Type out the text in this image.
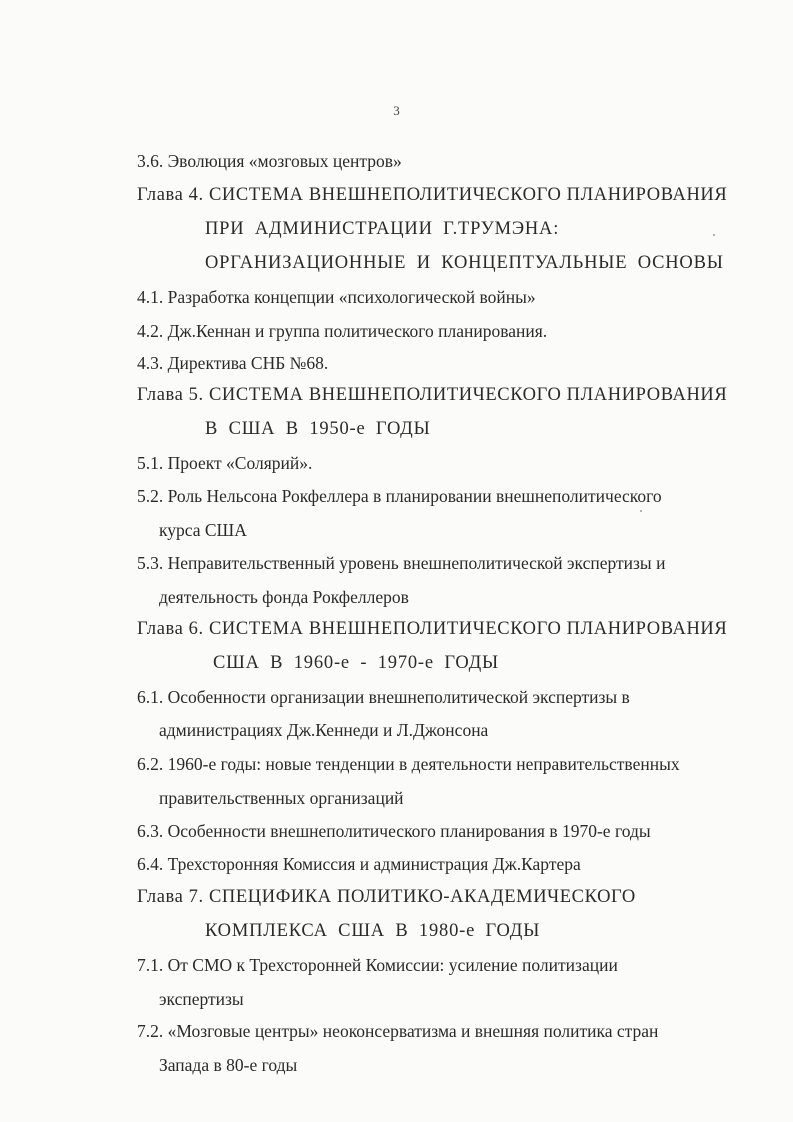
3
3.6. Эволюция «мозговых центров»
Глава 4. СИСТЕМА ВНЕШНЕПОЛИТИЧЕСКОГО ПЛАНИРОВАНИЯ
ПРИ АДМИНИСТРАЦИИ Г.ТРУМЭНА:
ОРГАНИЗАЦИОННЫЕ И КОНЦЕПТУАЛЬНЫЕ ОСНОВЫ
4.1. Разработка концепции «психологической войны»
4.2. Дж.Кеннан и группа политического планирования.
4.3. Директива СНБ №68.
Глава 5. СИСТЕМА ВНЕШНЕПОЛИТИЧЕСКОГО ПЛАНИРОВАНИЯ
В США В 1950-е ГОДЫ
5.1. Проект «Солярий».
5.2. Роль Нельсона Рокфеллера в планировании внешнеполитического
курса США
5.3. Неправительственный уровень внешнеполитической экспертизы и
деятельность фонда Рокфеллеров
Глава 6. СИСТЕМА ВНЕШНЕПОЛИТИЧЕСКОГО ПЛАНИРОВАНИЯ
США В 1960-е - 1970-е ГОДЫ
6.1. Особенности организации внешнеполитической экспертизы в
администрациях Дж.Кеннеди и Л.Джонсона
6.2. 1960-е годы: новые тенденции в деятельности неправительственных
правительственных организаций
6.3. Особенности внешнеполитического планирования в 1970-е годы
6.4. Трехсторонняя Комиссия и администрация Дж.Картера
Глава 7. СПЕЦИФИКА ПОЛИТИКО-АКАДЕМИЧЕСКОГО
КОМПЛЕКСА США В 1980-е ГОДЫ
7.1. От СМО к Трехсторонней Комиссии: усиление политизации
экспертизы
7.2. «Мозговые центры» неоконсерватизма и внешняя политика стран
Запада в 80-е годы
